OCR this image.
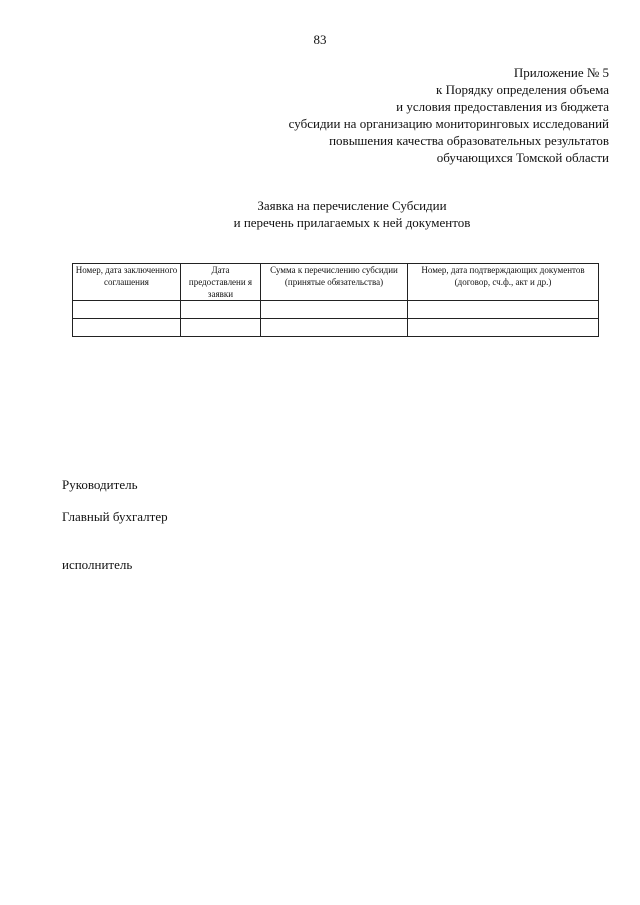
83
Приложение № 5
к Порядку определения объема
и условия предоставления из бюджета
субсидии на организацию мониторинговых исследований
повышения качества образовательных результатов
обучающихся Томской области
Заявка на перечисление Субсидии
и перечень прилагаемых к ней документов
Номер, дата заключенного соглашения	Дата предоставлени я заявки	Сумма к перечислению субсидии (принятые обязательства)	Номер, дата подтверждающих документов (договор, сч.ф., акт и др.)

Руководитель
Главный бухгалтер
исполнитель
